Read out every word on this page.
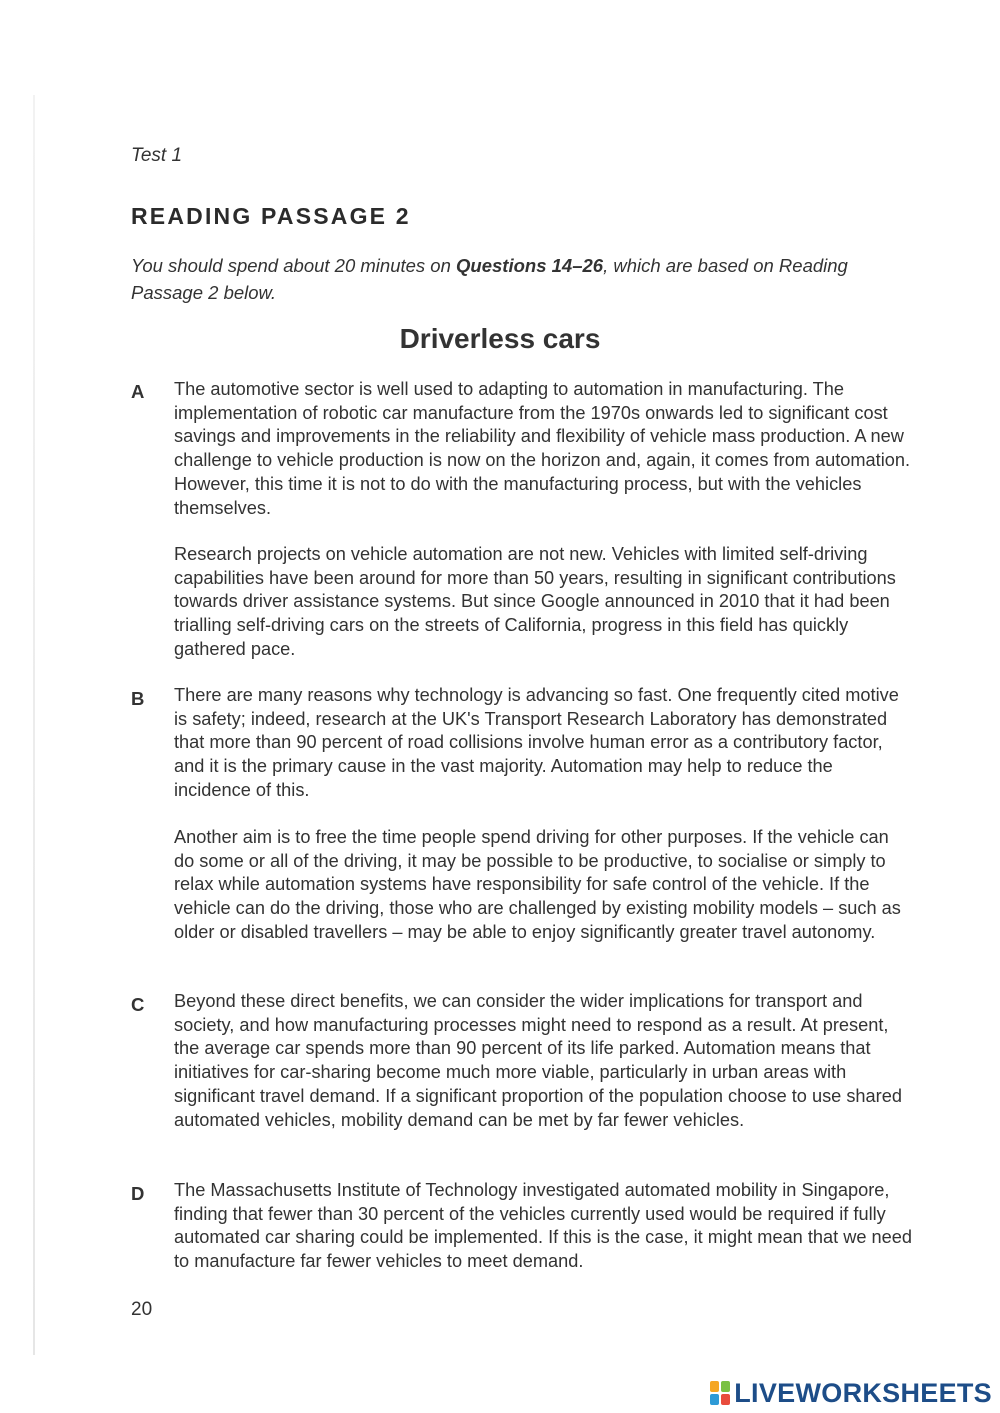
Test 1
READING PASSAGE 2
You should spend about 20 minutes on Questions 14–26, which are based on Reading Passage 2 below.
Driverless cars
A The automotive sector is well used to adapting to automation in manufacturing. The implementation of robotic car manufacture from the 1970s onwards led to significant cost savings and improvements in the reliability and flexibility of vehicle mass production. A new challenge to vehicle production is now on the horizon and, again, it comes from automation. However, this time it is not to do with the manufacturing process, but with the vehicles themselves.
Research projects on vehicle automation are not new. Vehicles with limited self-driving capabilities have been around for more than 50 years, resulting in significant contributions towards driver assistance systems. But since Google announced in 2010 that it had been trialling self-driving cars on the streets of California, progress in this field has quickly gathered pace.
B There are many reasons why technology is advancing so fast. One frequently cited motive is safety; indeed, research at the UK's Transport Research Laboratory has demonstrated that more than 90 percent of road collisions involve human error as a contributory factor, and it is the primary cause in the vast majority. Automation may help to reduce the incidence of this.
Another aim is to free the time people spend driving for other purposes. If the vehicle can do some or all of the driving, it may be possible to be productive, to socialise or simply to relax while automation systems have responsibility for safe control of the vehicle. If the vehicle can do the driving, those who are challenged by existing mobility models – such as older or disabled travellers – may be able to enjoy significantly greater travel autonomy.
C Beyond these direct benefits, we can consider the wider implications for transport and society, and how manufacturing processes might need to respond as a result. At present, the average car spends more than 90 percent of its life parked. Automation means that initiatives for car-sharing become much more viable, particularly in urban areas with significant travel demand. If a significant proportion of the population choose to use shared automated vehicles, mobility demand can be met by far fewer vehicles.
D The Massachusetts Institute of Technology investigated automated mobility in Singapore, finding that fewer than 30 percent of the vehicles currently used would be required if fully automated car sharing could be implemented. If this is the case, it might mean that we need to manufacture far fewer vehicles to meet demand.
20
LIVEWORKSHEETS
